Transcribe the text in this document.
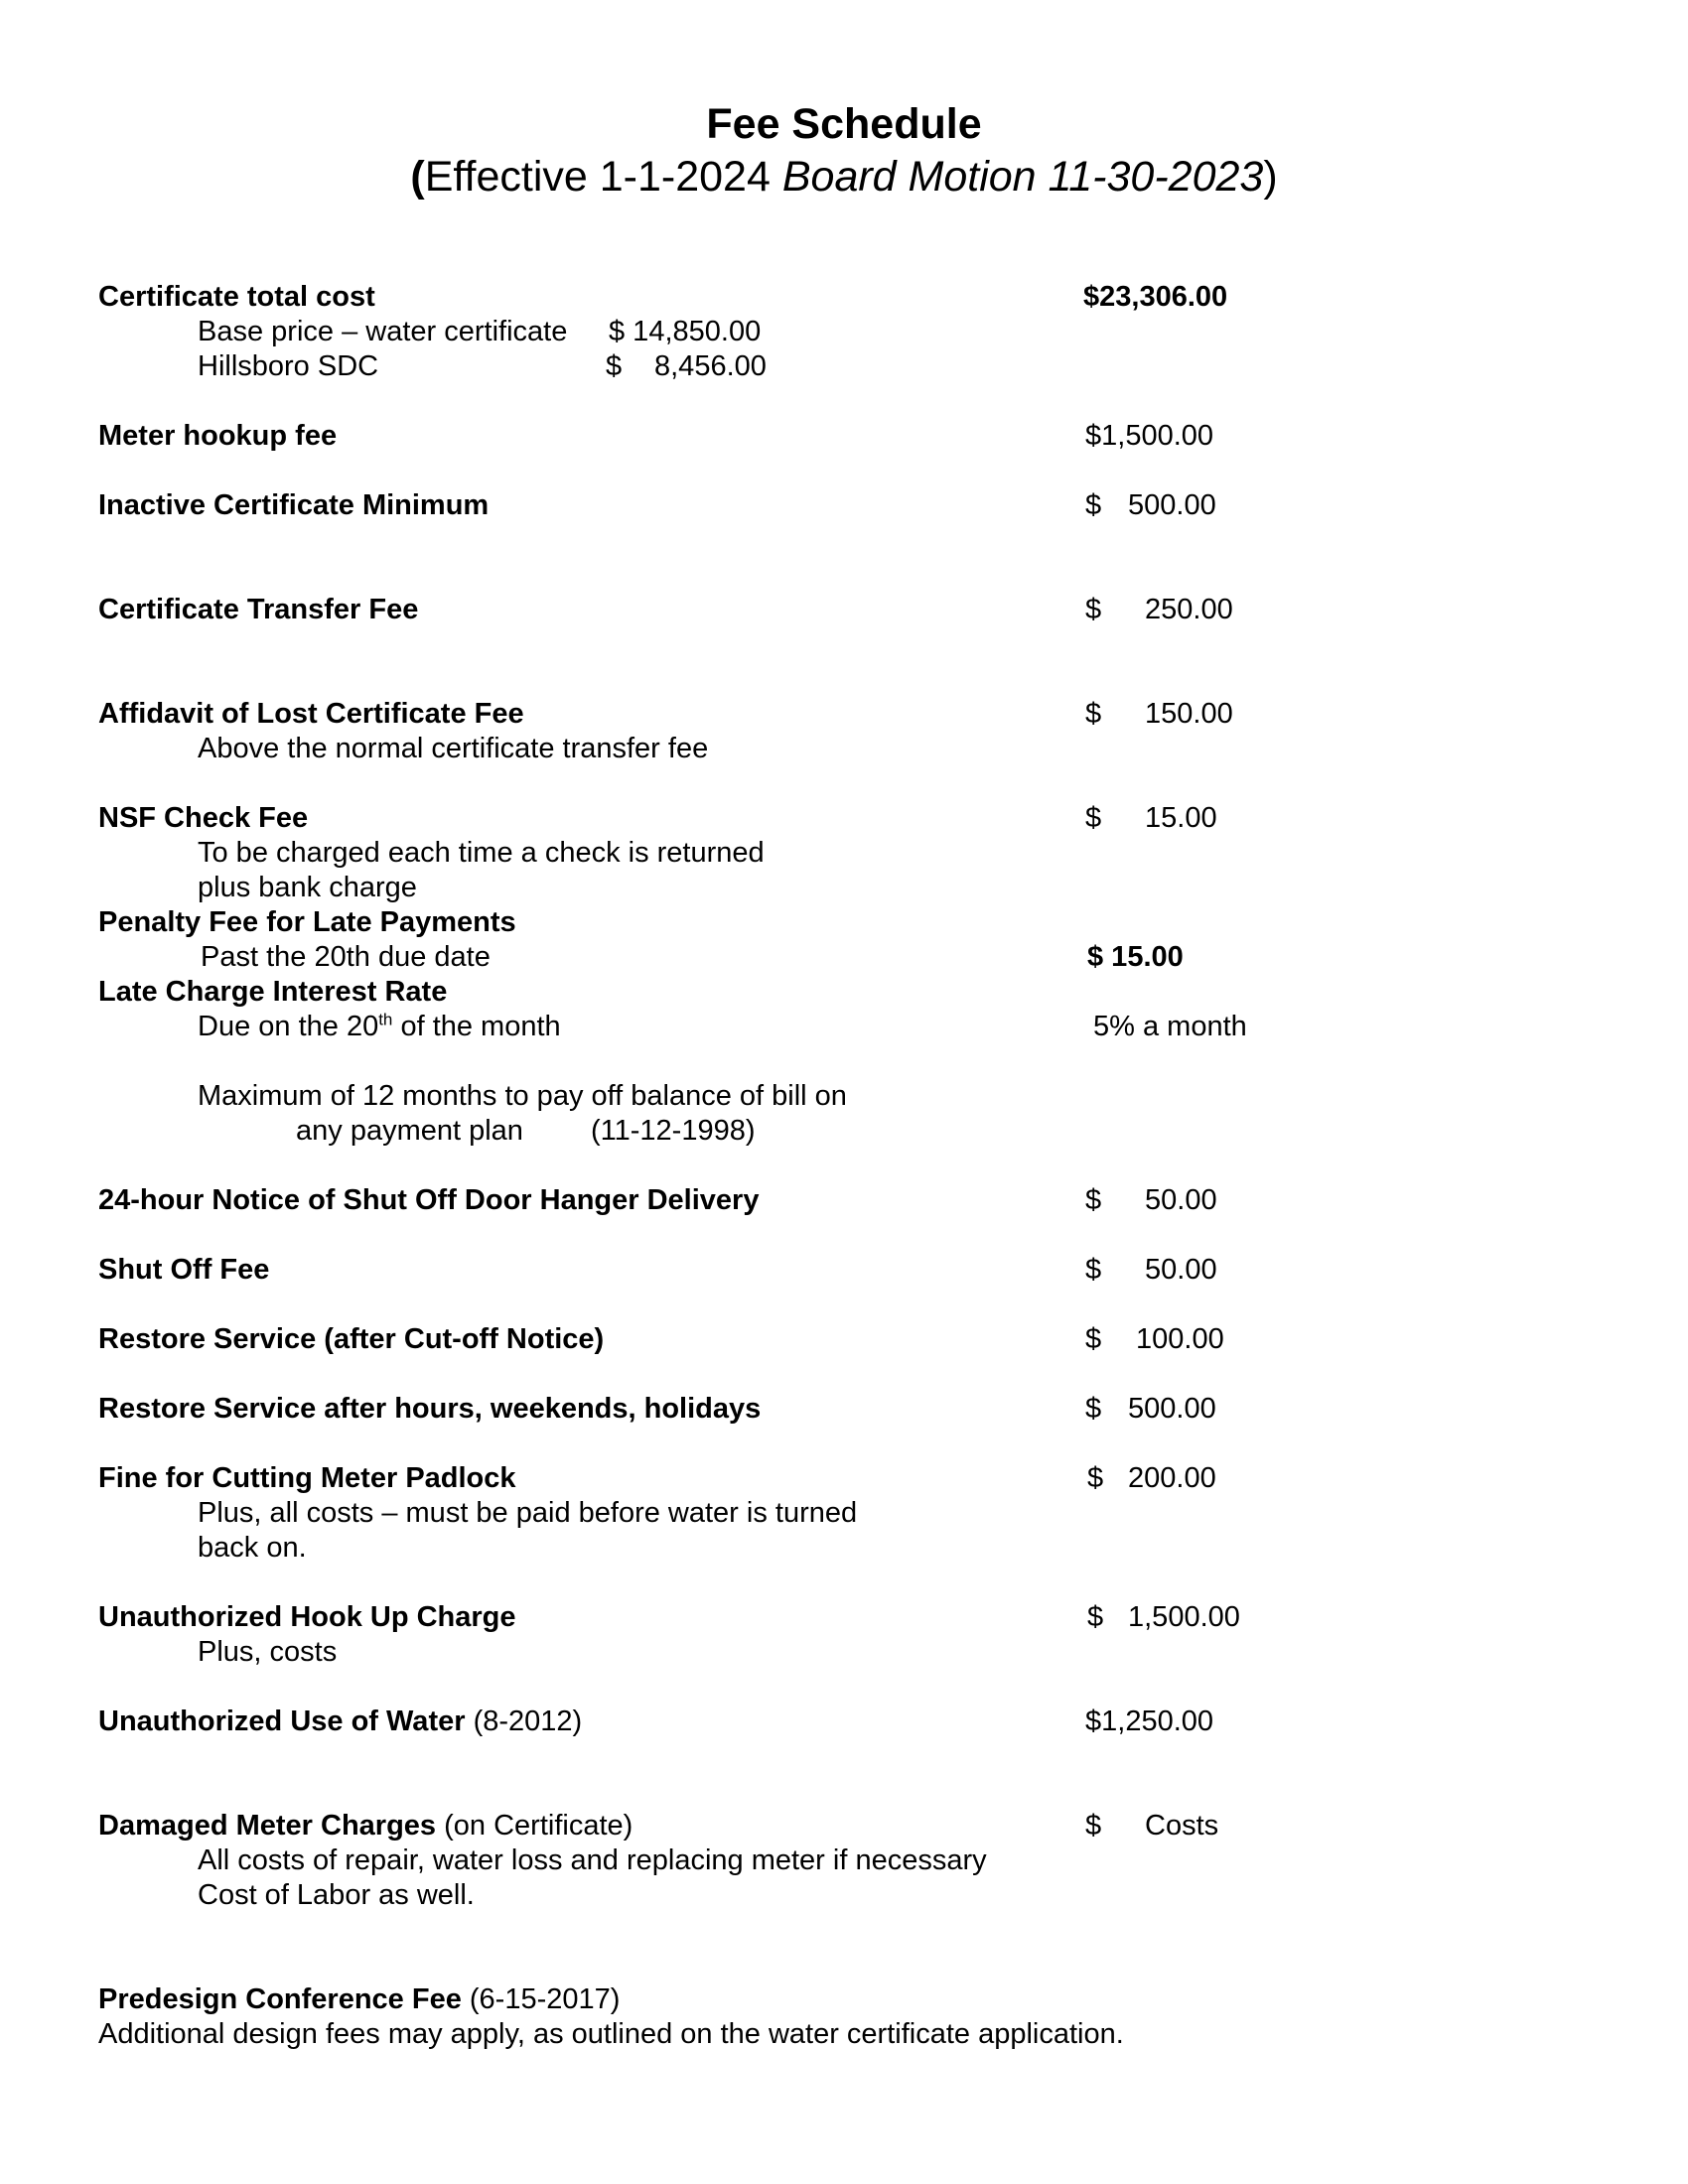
Fee Schedule
(Effective 1-1-2024 Board Motion 11-30-2023)
Certificate total cost	$23,306.00
Base price – water certificate $ 14,850.00
Hillsboro SDC	$ 8,456.00
Meter hookup fee	$1,500.00
Inactive Certificate Minimum	$ 500.00
Certificate Transfer Fee	$ 250.00
Affidavit of Lost Certificate Fee	$ 150.00
Above the normal certificate transfer fee
NSF Check Fee	$ 15.00
To be charged each time a check is returned
plus bank charge
Penalty Fee for Late Payments
Past the 20th due date	$ 15.00
Late Charge Interest Rate
Due on the 20th of the month	5% a month
Maximum of 12 months to pay off balance of bill on
any payment plan (11-12-1998)
24-hour Notice of Shut Off Door Hanger Delivery	$ 50.00
Shut Off Fee	$ 50.00
Restore Service (after Cut-off Notice)	$ 100.00
Restore Service after hours, weekends, holidays	$ 500.00
Fine for Cutting Meter Padlock	$ 200.00
Plus, all costs – must be paid before water is turned
back on.
Unauthorized Hook Up Charge	$ 1,500.00
Plus, costs
Unauthorized Use of Water (8-2012)	$1,250.00
Damaged Meter Charges (on Certificate)	$ Costs
All costs of repair, water loss and replacing meter if necessary
Cost of Labor as well.
Predesign Conference Fee (6-15-2017)
Additional design fees may apply, as outlined on the water certificate application.
